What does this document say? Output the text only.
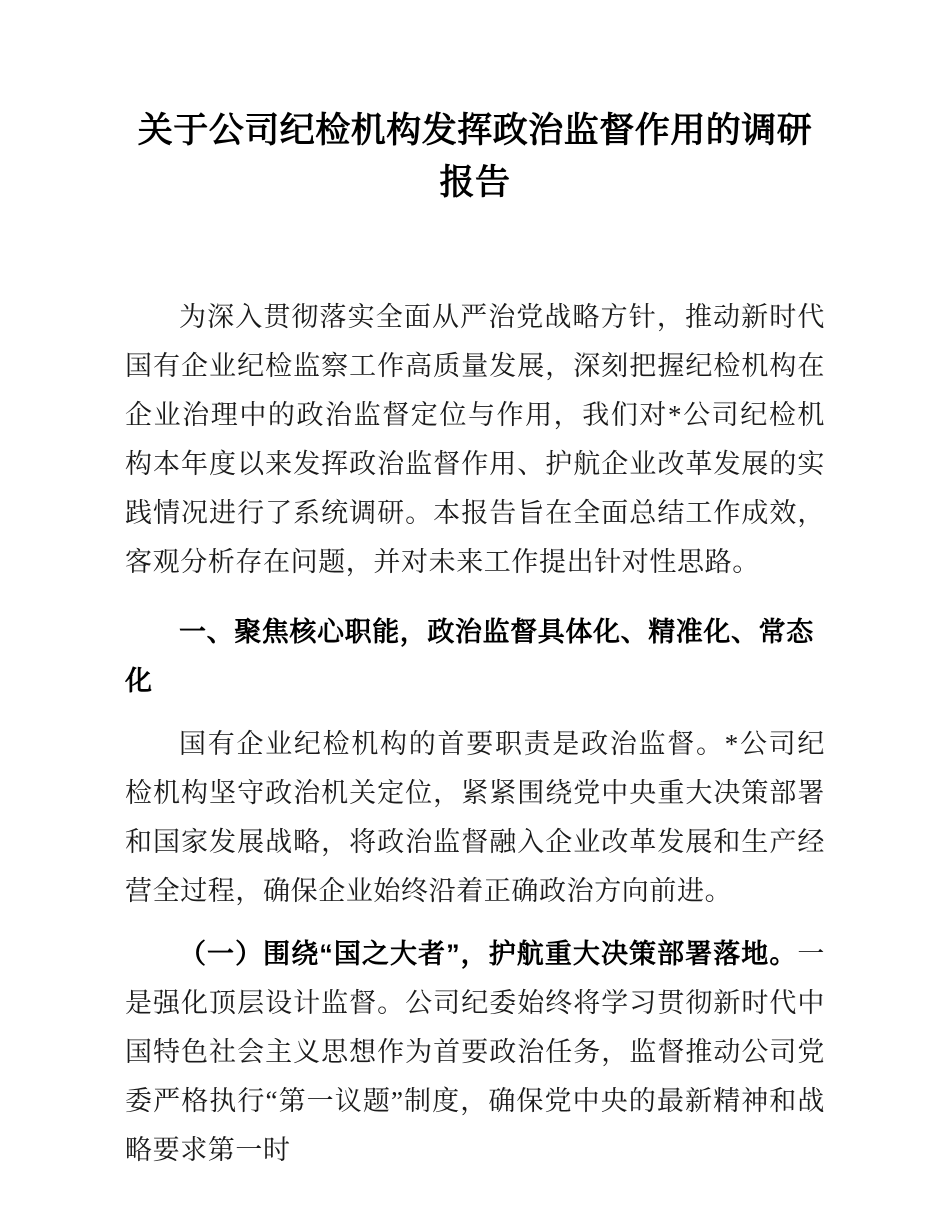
关于公司纪检机构发挥政治监督作用的调研报告

为深入贯彻落实全面从严治党战略方针，推动新时代国有企业纪检监察工作高质量发展，深刻把握纪检机构在企业治理中的政治监督定位与作用，我们对*公司纪检机构本年度以来发挥政治监督作用、护航企业改革发展的实践情况进行了系统调研。本报告旨在全面总结工作成效，客观分析存在问题，并对未来工作提出针对性思路。

一、聚焦核心职能，政治监督具体化、精准化、常态化

国有企业纪检机构的首要职责是政治监督。*公司纪检机构坚守政治机关定位，紧紧围绕党中央重大决策部署和国家发展战略，将政治监督融入企业改革发展和生产经营全过程，确保企业始终沿着正确政治方向前进。

（一）围绕“国之大者”，护航重大决策部署落地。一是强化顶层设计监督。公司纪委始终将学习贯彻新时代中国特色社会主义思想作为首要政治任务，监督推动公司党委严格执行“第一议题”制度，确保党中央的最新精神和战略要求第一时
